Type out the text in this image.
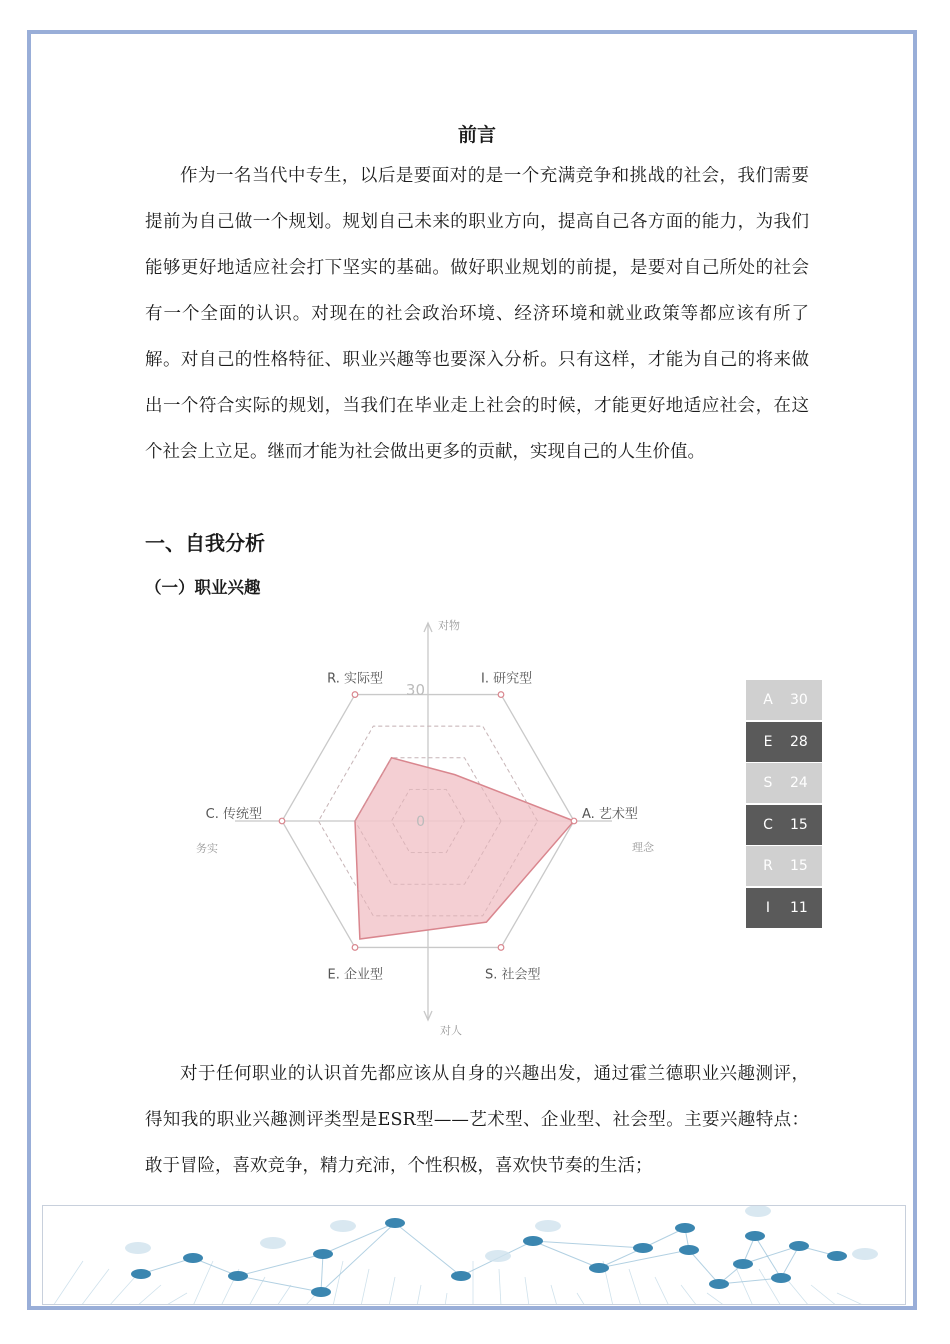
前言

作为一名当代中专生，以后是要面对的是一个充满竞争和挑战的社会，我们需要提前为自己做一个规划。规划自己未来的职业方向，提高自己各方面的能力，为我们能够更好地适应社会打下坚实的基础。做好职业规划的前提，是要对自己所处的社会有一个全面的认识。对现在的社会政治环境、经济环境和就业政策等都应该有所了解。对自己的性格特征、职业兴趣等也要深入分析。只有这样，才能为自己的将来做出一个符合实际的规划，当我们在毕业走上社会的时候，才能更好地适应社会，在这个社会上立足。继而才能为社会做出更多的贡献，实现自己的人生价值。

一、自我分析
（一）职业兴趣

对于任何职业的认识首先都应该从自身的兴趣出发，通过霍兰德职业兴趣测评，得知我的职业兴趣测评类型是ESR型——艺术型、企业型、社会型。主要兴趣特点：敢于冒险，喜欢竞争，精力充沛，个性积极，喜欢快节奏的生活；

A. 艺术型
I. 研究型
R. 实际型
C. 传统型
E. 企业型	S. 社会型
30
0
对物
对人
务实	理念
A	30
E	28
S	24
C	15
R	15
I	11
